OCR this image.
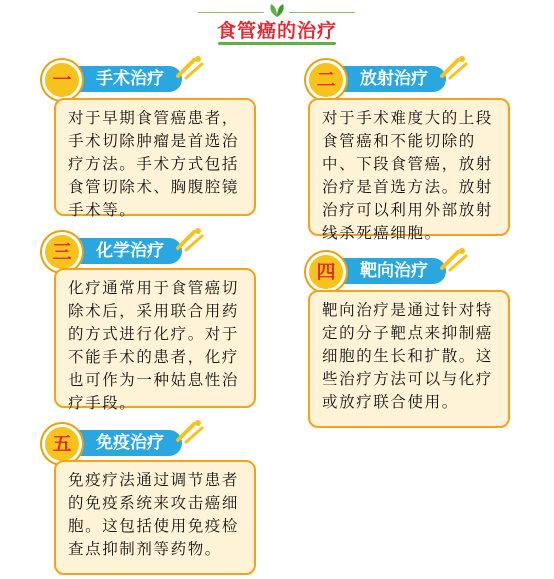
食管癌的治疗
手术治疗
一
对于早期食管癌患者，手术切除肿瘤是首选治疗方法。手术方式包括食管切除术、胸腹腔镜手术等。
放射治疗
二
对于手术难度大的上段食管癌和不能切除的中、下段食管癌，放射治疗是首选方法。放射治疗可以利用外部放射线杀死癌细胞。
化学治疗
三
化疗通常用于食管癌切除术后，采用联合用药的方式进行化疗。对于不能手术的患者，化疗也可作为一种姑息性治疗手段。
靶向治疗
四
靶向治疗是通过针对特定的分子靶点来抑制癌细胞的生长和扩散。这些治疗方法可以与化疗或放疗联合使用。
免疫治疗
五
免疫疗法通过调节患者的免疫系统来攻击癌细胞。这包括使用免疫检查点抑制剂等药物。
